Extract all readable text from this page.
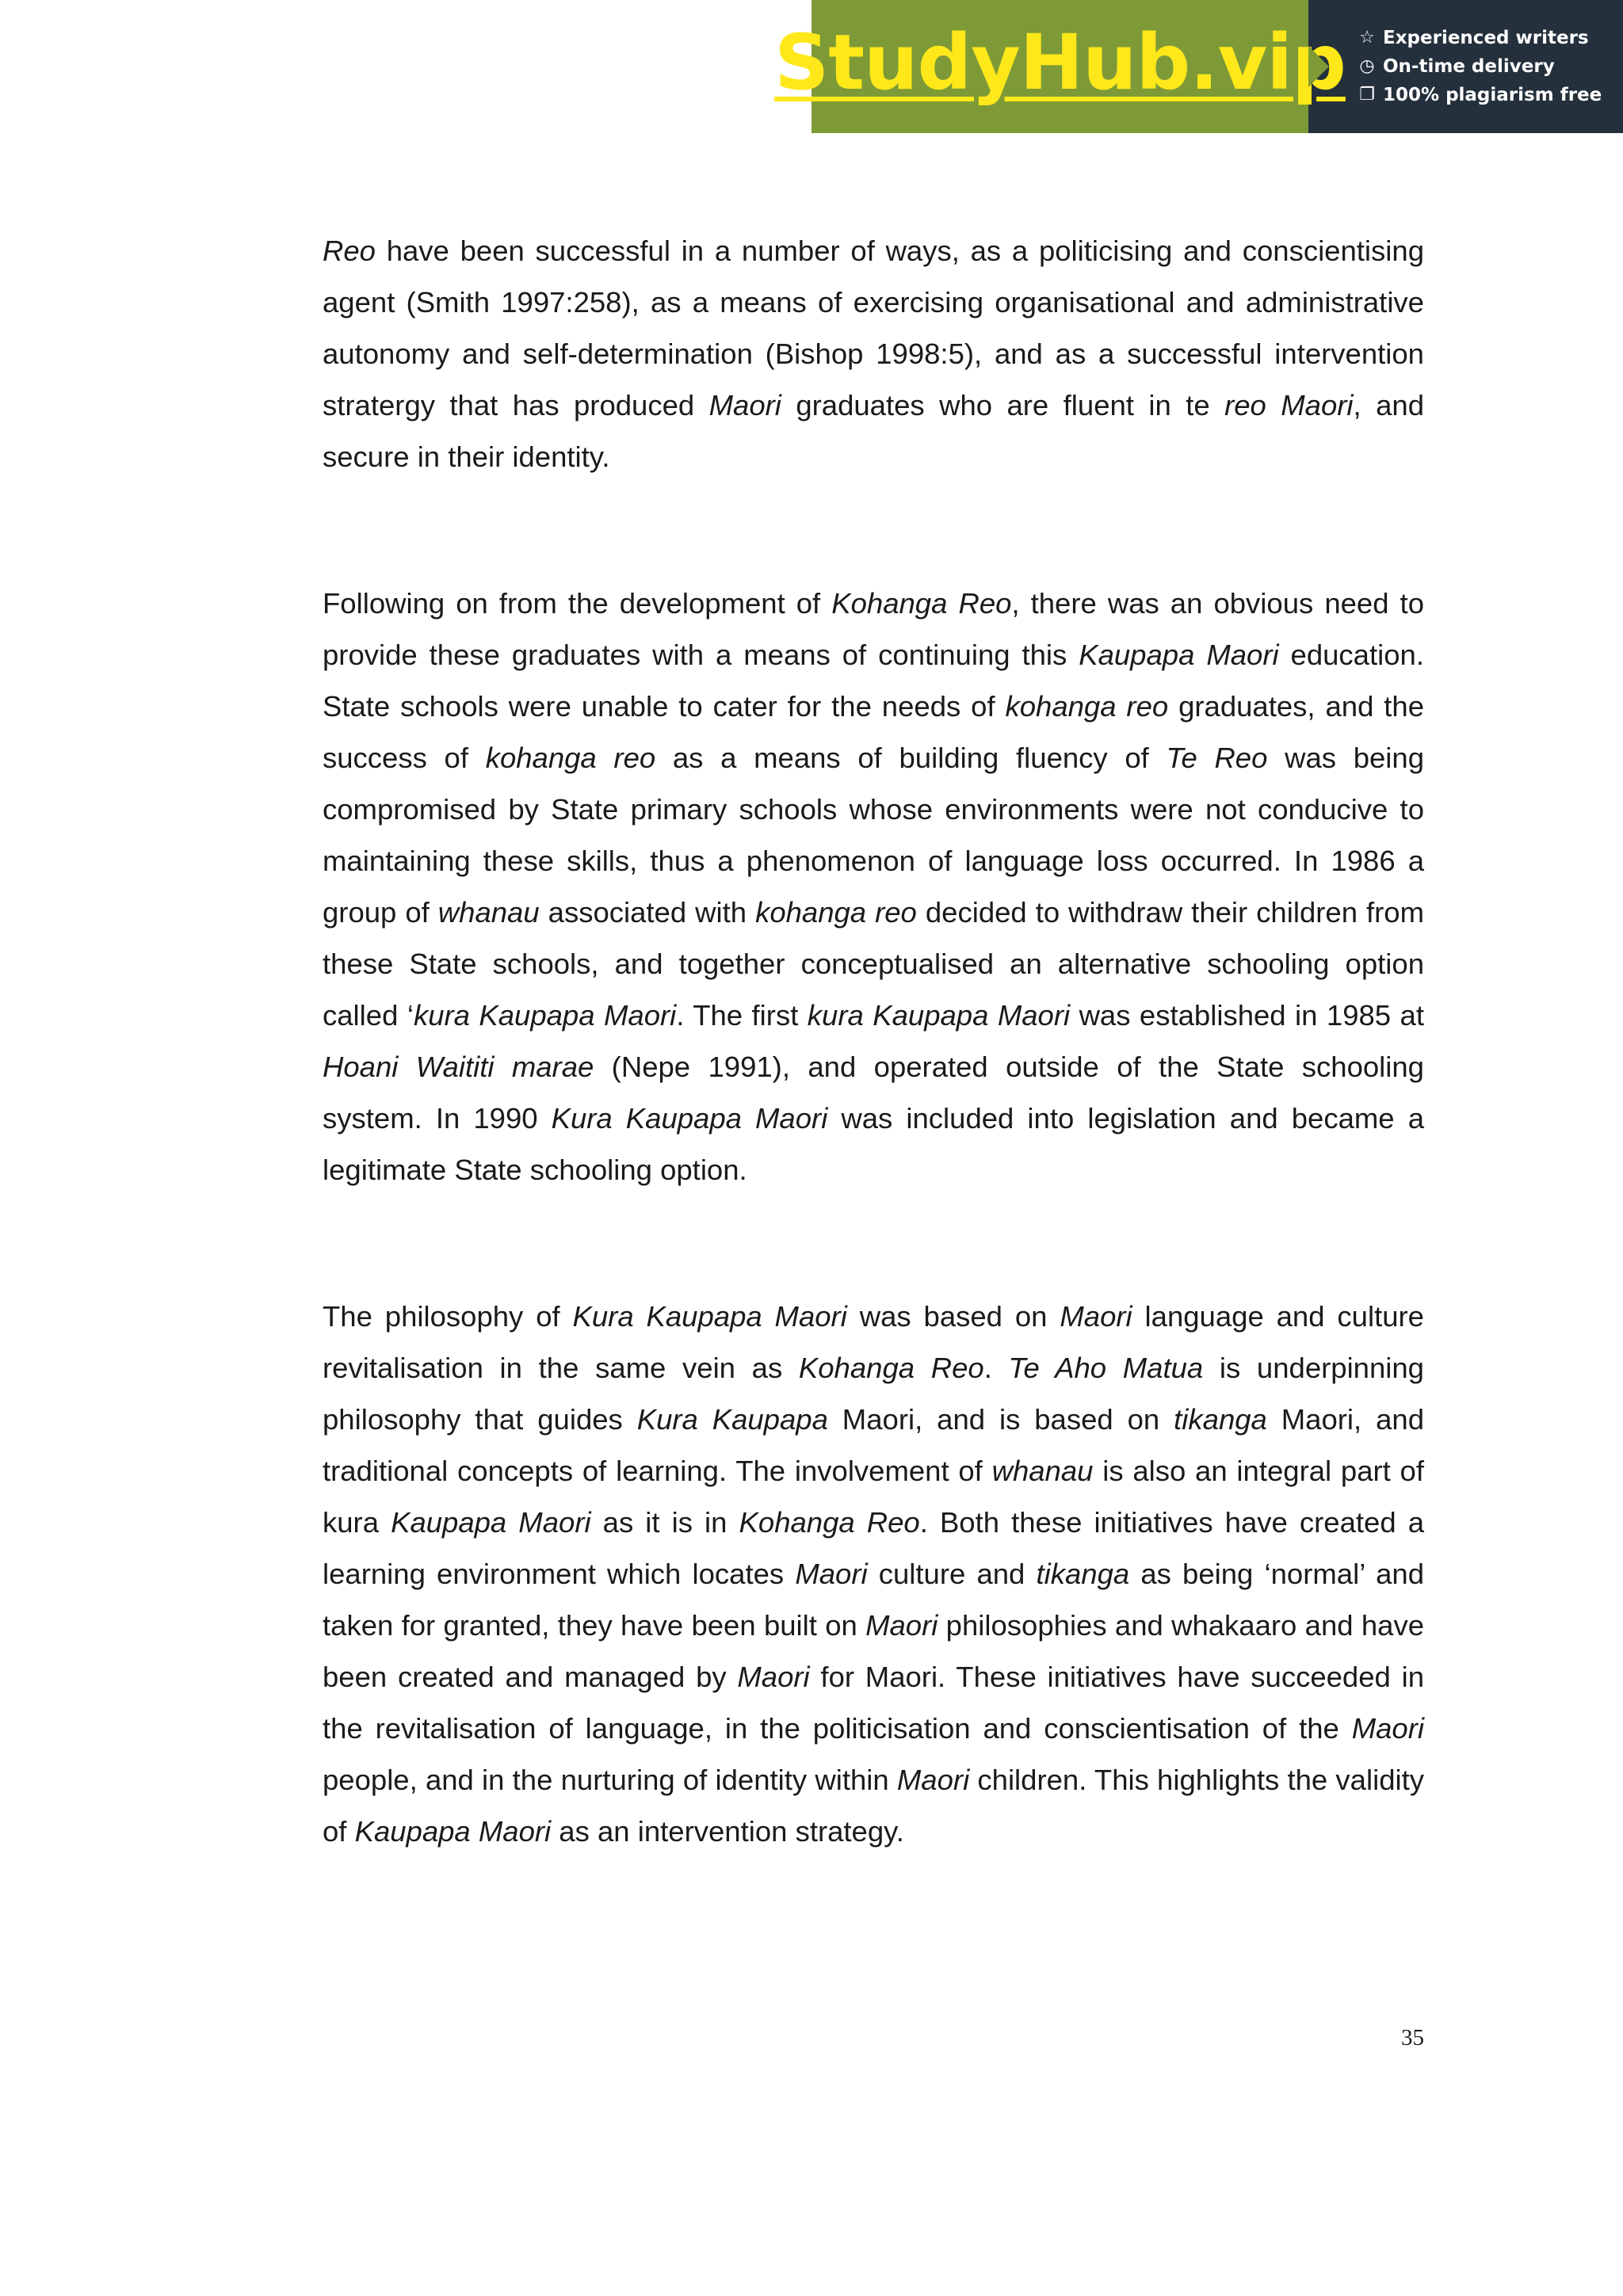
StudyHub.vip ☆ Experienced writers
◷ On-time delivery
❐ 100% plagiarism free

Reo have been successful in a number of ways, as a politicising and conscientising agent (Smith 1997:258), as a means of exercising organisational and administrative autonomy and self-determination (Bishop 1998:5), and as a successful intervention stratergy that has produced Maori graduates who are fluent in te reo Maori, and secure in their identity.

Following on from the development of Kohanga Reo, there was an obvious need to provide these graduates with a means of continuing this Kaupapa Maori education. State schools were unable to cater for the needs of kohanga reo graduates, and the success of kohanga reo as a means of building fluency of Te Reo was being compromised by State primary schools whose environments were not conducive to maintaining these skills, thus a phenomenon of language loss occurred. In 1986 a group of whanau associated with kohanga reo decided to withdraw their children from these State schools, and together conceptualised an alternative schooling option called ‘kura Kaupapa Maori. The first kura Kaupapa Maori was established in 1985 at Hoani Waititi marae (Nepe 1991), and operated outside of the State schooling system. In 1990 Kura Kaupapa Maori was included into legislation and became a legitimate State schooling option.

The philosophy of Kura Kaupapa Maori was based on Maori language and culture revitalisation in the same vein as Kohanga Reo. Te Aho Matua is underpinning philosophy that guides Kura Kaupapa Maori, and is based on tikanga Maori, and traditional concepts of learning. The involvement of whanau is also an integral part of kura Kaupapa Maori as it is in Kohanga Reo. Both these initiatives have created a learning environment which locates Maori culture and tikanga as being ‘normal’ and taken for granted, they have been built on Maori philosophies and whakaaro and have been created and managed by Maori for Maori. These initiatives have succeeded in the revitalisation of language, in the politicisation and conscientisation of the Maori people, and in the nurturing of identity within Maori children. This highlights the validity of Kaupapa Maori as an intervention strategy.

35
